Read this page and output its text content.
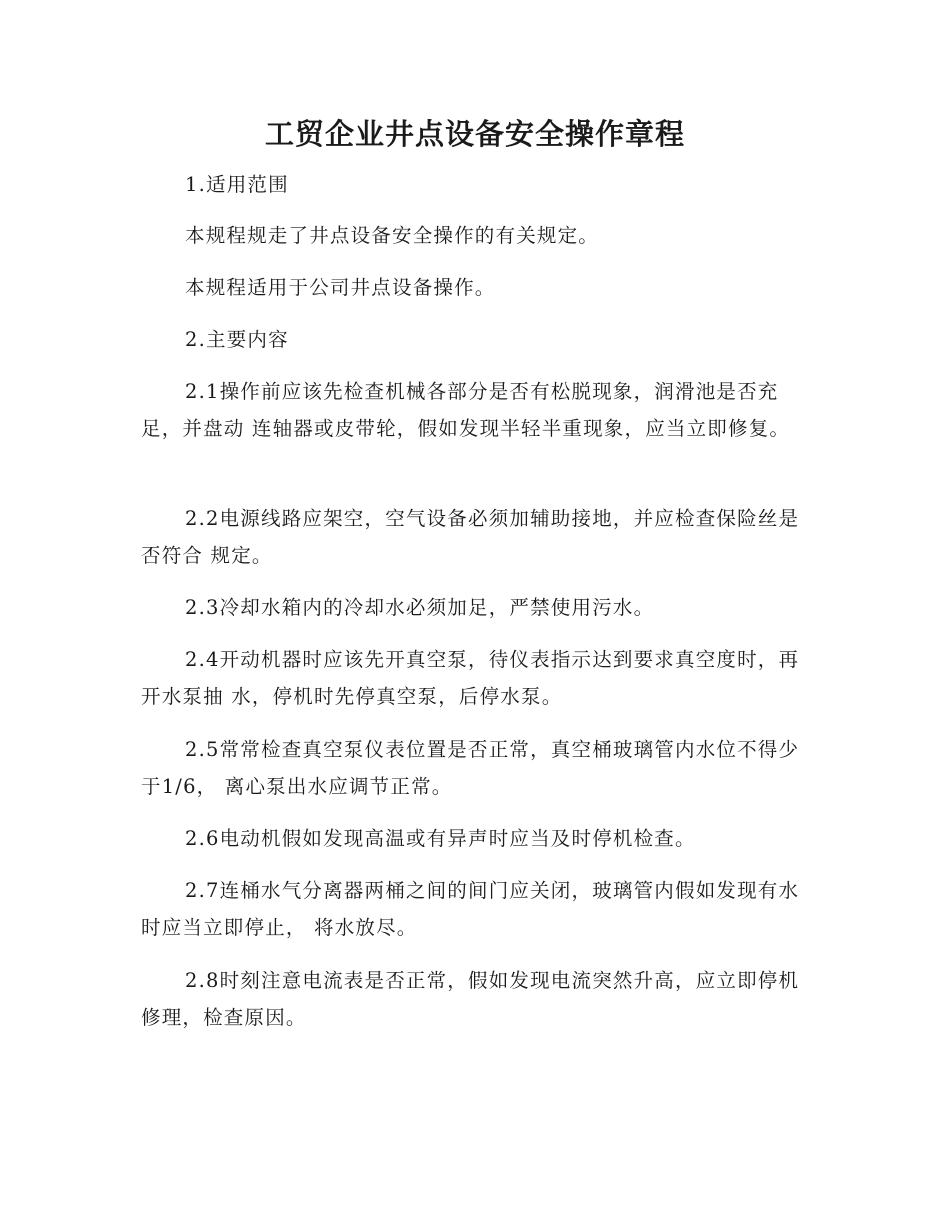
工贸企业井点设备安全操作章程

1.适用范围

本规程规走了井点设备安全操作的有关规定。

本规程适用于公司井点设备操作。

2.主要内容

2.1操作前应该先检查机械各部分是否有松脱现象，润滑池是否充足，并盘动 连轴器或皮带轮，假如发现半轻半重现象，应当立即修复。

2.2电源线路应架空，空气设备必须加辅助接地，并应检查保险丝是否符合 规定。

2.3冷却水箱内的冷却水必须加足，严禁使用污水。

2.4开动机器时应该先开真空泵，待仪表指示达到要求真空度时，再开水泵抽 水，停机时先停真空泵，后停水泵。

2.5常常检查真空泵仪表位置是否正常，真空桶玻璃管内水位不得少于1/6， 离心泵出水应调节正常。

2.6电动机假如发现高温或有异声时应当及时停机检查。

2.7连桶水气分离器两桶之间的间门应关闭，玻璃管内假如发现有水时应当立即停止， 将水放尽。

2.8时刻注意电流表是否正常，假如发现电流突然升高，应立即停机修理，检查原因。
